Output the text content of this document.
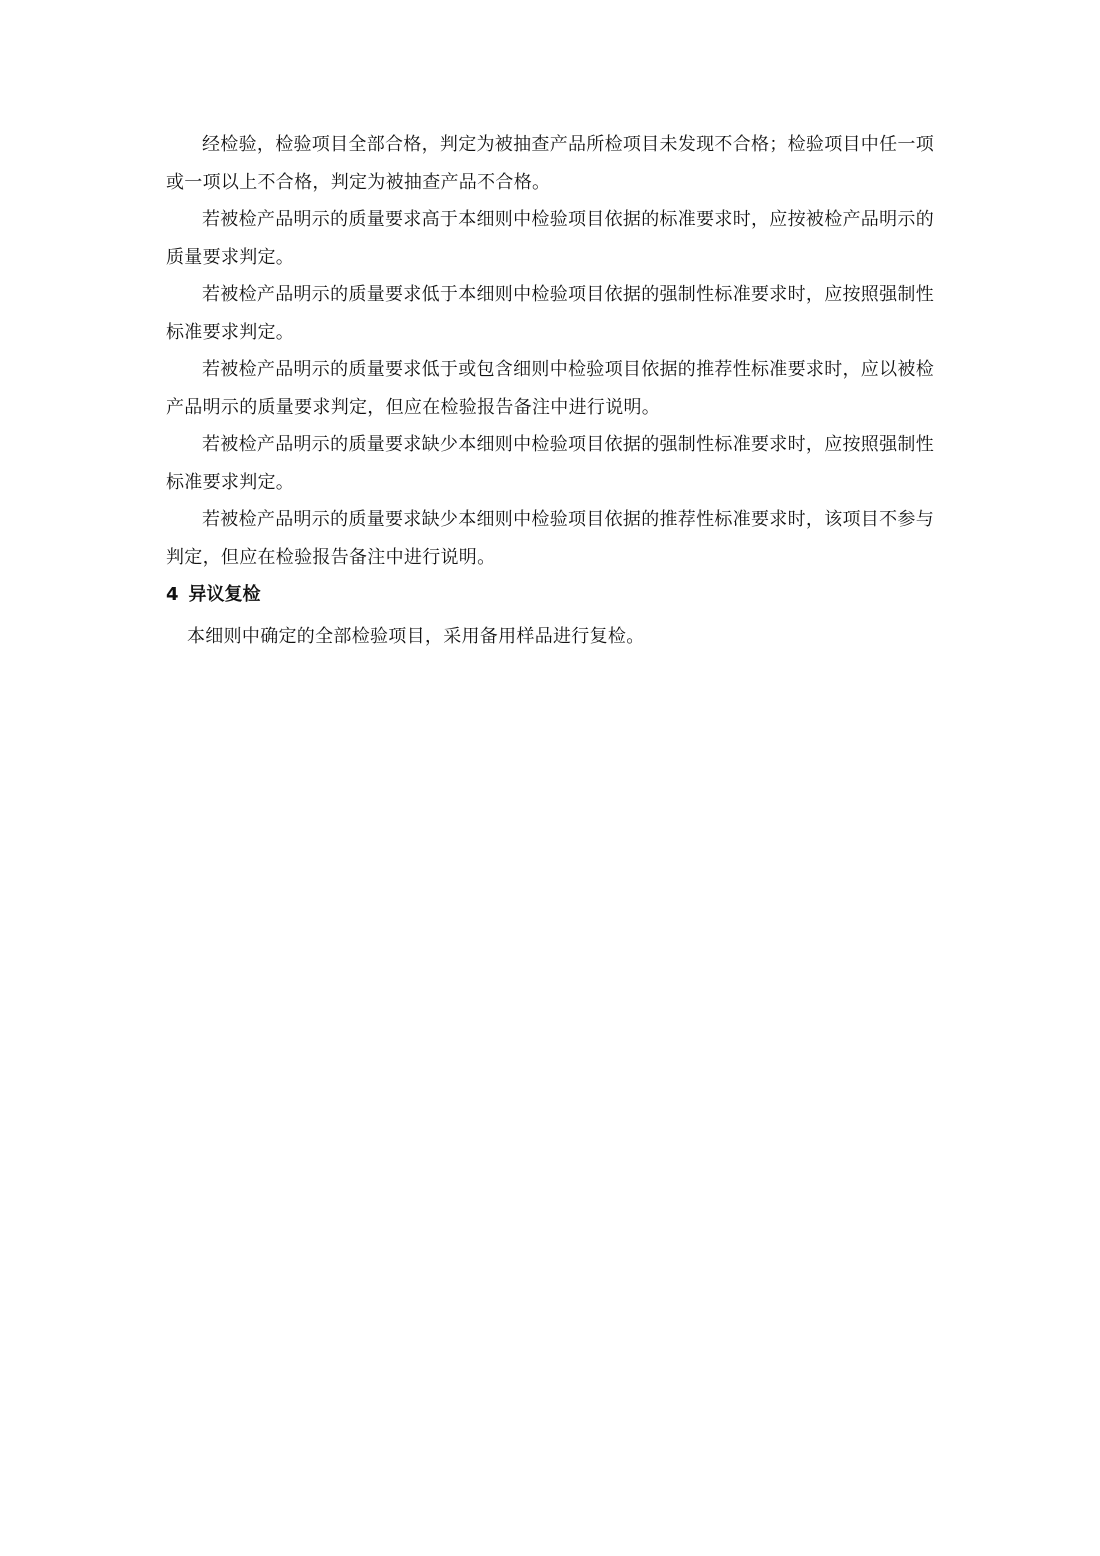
经检验，检验项目全部合格，判定为被抽查产品所检项目未发现不合格；检验项目中任一项或一项以上不合格，判定为被抽查产品不合格。

若被检产品明示的质量要求高于本细则中检验项目依据的标准要求时，应按被检产品明示的质量要求判定。

若被检产品明示的质量要求低于本细则中检验项目依据的强制性标准要求时，应按照强制性标准要求判定。

若被检产品明示的质量要求低于或包含细则中检验项目依据的推荐性标准要求时，应以被检产品明示的质量要求判定，但应在检验报告备注中进行说明。

若被检产品明示的质量要求缺少本细则中检验项目依据的强制性标准要求时，应按照强制性标准要求判定。

若被检产品明示的质量要求缺少本细则中检验项目依据的推荐性标准要求时，该项目不参与判定，但应在检验报告备注中进行说明。

4 异议复检

本细则中确定的全部检验项目，采用备用样品进行复检。
